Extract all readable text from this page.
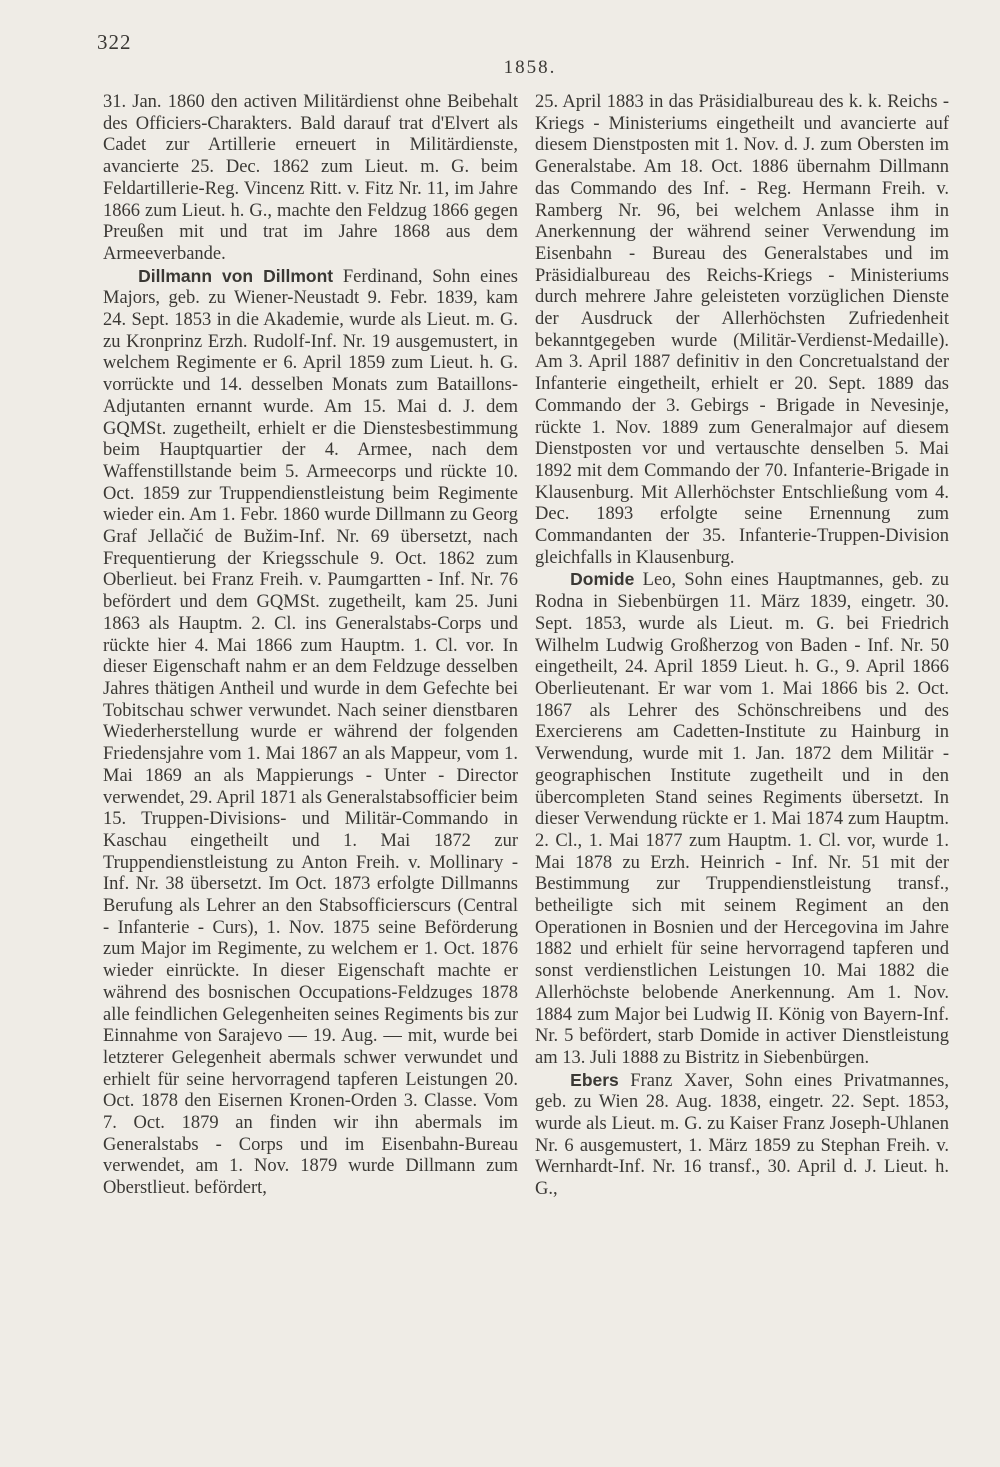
322
1858.

31. Jan. 1860 den activen Militärdienst ohne Beibehalt des Officiers-Charakters. Bald darauf trat d'Elvert als Cadet zur Artillerie erneuert in Militärdienste, avancierte 25. Dec. 1862 zum Lieut. m. G. beim Feldartillerie-Reg. Vincenz Ritt. v. Fitz Nr. 11, im Jahre 1866 zum Lieut. h. G., machte den Feldzug 1866 gegen Preußen mit und trat im Jahre 1868 aus dem Armeeverbande.

Dillmann von Dillmont Ferdinand, Sohn eines Majors, geb. zu Wiener-Neustadt 9. Febr. 1839, kam 24. Sept. 1853 in die Akademie, wurde als Lieut. m. G. zu Kronprinz Erzh. Rudolf-Inf. Nr. 19 ausgemustert, in welchem Regimente er 6. April 1859 zum Lieut. h. G. vorrückte und 14. desselben Monats zum Bataillons-Adjutanten ernannt wurde. Am 15. Mai d. J. dem GQMSt. zugetheilt, erhielt er die Dienstesbestimmung beim Hauptquartier der 4. Armee, nach dem Waffenstillstande beim 5. Armeecorps und rückte 10. Oct. 1859 zur Truppendienstleistung beim Regimente wieder ein. Am 1. Febr. 1860 wurde Dillmann zu Georg Graf Jellačić de Bužim-Inf. Nr. 69 übersetzt, nach Frequentierung der Kriegsschule 9. Oct. 1862 zum Oberlieut. bei Franz Freih. v. Paumgartten - Inf. Nr. 76 befördert und dem GQMSt. zugetheilt, kam 25. Juni 1863 als Hauptm. 2. Cl. ins Generalstabs-Corps und rückte hier 4. Mai 1866 zum Hauptm. 1. Cl. vor. In dieser Eigenschaft nahm er an dem Feldzuge desselben Jahres thätigen Antheil und wurde in dem Gefechte bei Tobitschau schwer verwundet. Nach seiner dienstbaren Wiederherstellung wurde er während der folgenden Friedensjahre vom 1. Mai 1867 an als Mappeur, vom 1. Mai 1869 an als Mappierungs - Unter - Director verwendet, 29. April 1871 als Generalstabsofficier beim 15. Truppen-Divisions- und Militär-Commando in Kaschau eingetheilt und 1. Mai 1872 zur Truppendienstleistung zu Anton Freih. v. Mollinary - Inf. Nr. 38 übersetzt. Im Oct. 1873 erfolgte Dillmanns Berufung als Lehrer an den Stabsofficierscurs (Central - Infanterie - Curs), 1. Nov. 1875 seine Beförderung zum Major im Regimente, zu welchem er 1. Oct. 1876 wieder einrückte. In dieser Eigenschaft machte er während des bosnischen Occupations-Feldzuges 1878 alle feindlichen Gelegenheiten seines Regiments bis zur Einnahme von Sarajevo — 19. Aug. — mit, wurde bei letzterer Gelegenheit abermals schwer verwundet und erhielt für seine hervorragend tapferen Leistungen 20. Oct. 1878 den Eisernen Kronen-Orden 3. Classe. Vom 7. Oct. 1879 an finden wir ihn abermals im Generalstabs - Corps und im Eisenbahn-Bureau verwendet, am 1. Nov. 1879 wurde Dillmann zum Oberstlieut. befördert,

25. April 1883 in das Präsidialbureau des k. k. Reichs - Kriegs - Ministeriums eingetheilt und avancierte auf diesem Dienstposten mit 1. Nov. d. J. zum Obersten im Generalstabe. Am 18. Oct. 1886 übernahm Dillmann das Commando des Inf. - Reg. Hermann Freih. v. Ramberg Nr. 96, bei welchem Anlasse ihm in Anerkennung der während seiner Verwendung im Eisenbahn - Bureau des Generalstabes und im Präsidialbureau des Reichs-Kriegs - Ministeriums durch mehrere Jahre geleisteten vorzüglichen Dienste der Ausdruck der Allerhöchsten Zufriedenheit bekanntgegeben wurde (Militär-Verdienst-Medaille). Am 3. April 1887 definitiv in den Concretualstand der Infanterie eingetheilt, erhielt er 20. Sept. 1889 das Commando der 3. Gebirgs - Brigade in Nevesinje, rückte 1. Nov. 1889 zum Generalmajor auf diesem Dienstposten vor und vertauschte denselben 5. Mai 1892 mit dem Commando der 70. Infanterie-Brigade in Klausenburg. Mit Allerhöchster Entschließung vom 4. Dec. 1893 erfolgte seine Ernennung zum Commandanten der 35. Infanterie-Truppen-Division gleichfalls in Klausenburg.

Domide Leo, Sohn eines Hauptmannes, geb. zu Rodna in Siebenbürgen 11. März 1839, eingetr. 30. Sept. 1853, wurde als Lieut. m. G. bei Friedrich Wilhelm Ludwig Großherzog von Baden - Inf. Nr. 50 eingetheilt, 24. April 1859 Lieut. h. G., 9. April 1866 Oberlieutenant. Er war vom 1. Mai 1866 bis 2. Oct. 1867 als Lehrer des Schönschreibens und des Exercierens am Cadetten-Institute zu Hainburg in Verwendung, wurde mit 1. Jan. 1872 dem Militär - geographischen Institute zugetheilt und in den übercompleten Stand seines Regiments übersetzt. In dieser Verwendung rückte er 1. Mai 1874 zum Hauptm. 2. Cl., 1. Mai 1877 zum Hauptm. 1. Cl. vor, wurde 1. Mai 1878 zu Erzh. Heinrich - Inf. Nr. 51 mit der Bestimmung zur Truppendienstleistung transf., betheiligte sich mit seinem Regiment an den Operationen in Bosnien und der Hercegovina im Jahre 1882 und erhielt für seine hervorragend tapferen und sonst verdienstlichen Leistungen 10. Mai 1882 die Allerhöchste belobende Anerkennung. Am 1. Nov. 1884 zum Major bei Ludwig II. König von Bayern-Inf. Nr. 5 befördert, starb Domide in activer Dienstleistung am 13. Juli 1888 zu Bistritz in Siebenbürgen.

Ebers Franz Xaver, Sohn eines Privatmannes, geb. zu Wien 28. Aug. 1838, eingetr. 22. Sept. 1853, wurde als Lieut. m. G. zu Kaiser Franz Joseph-Uhlanen Nr. 6 ausgemustert, 1. März 1859 zu Stephan Freih. v. Wernhardt-Inf. Nr. 16 transf., 30. April d. J. Lieut. h. G.,
